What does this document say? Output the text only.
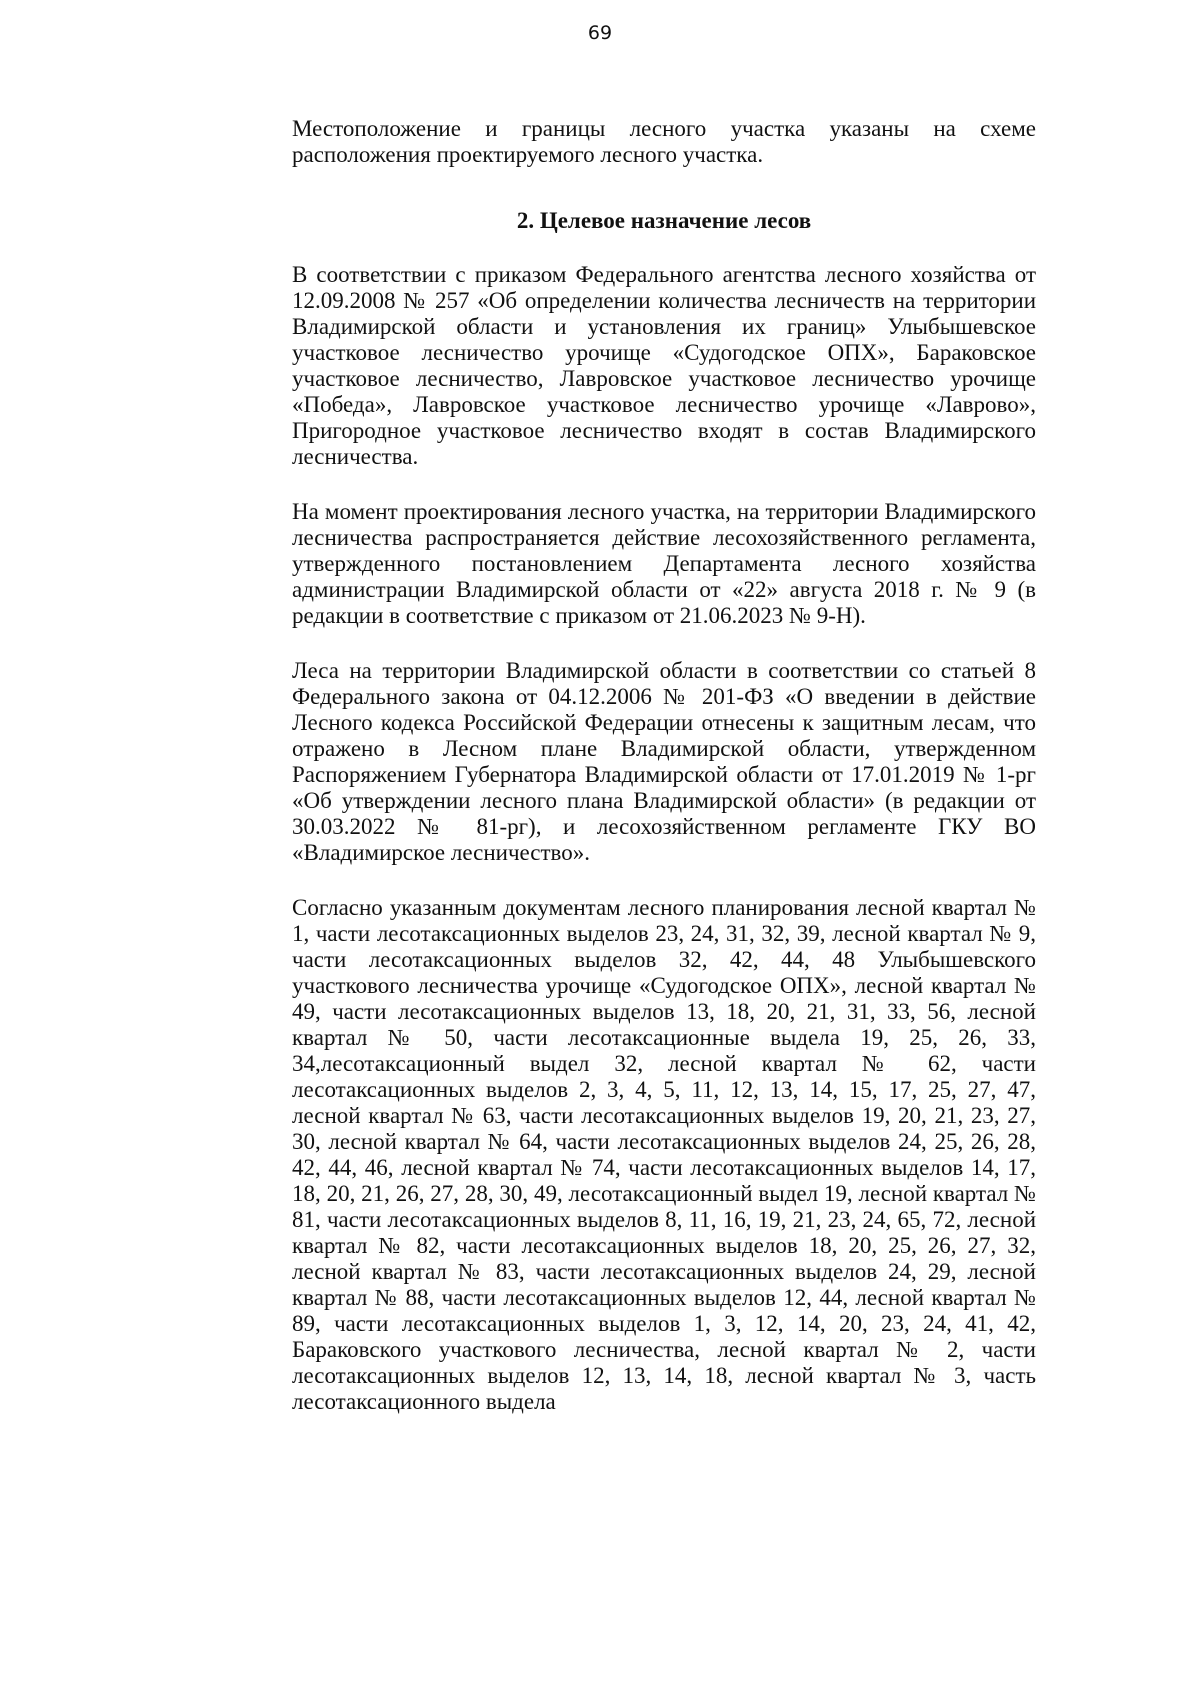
69

Местоположение и границы лесного участка указаны на схеме расположения проектируемого лесного участка.

2. Целевое назначение лесов

В соответствии с приказом Федерального агентства лесного хозяйства от 12.09.2008 № 257 «Об определении количества лесничеств на территории Владимирской области и установления их границ» Улыбышевское участковое лесничество урочище «Судогодское ОПХ», Бараковское участковое лесничество, Лавровское участковое лесничество урочище «Победа», Лавровское участковое лесничество урочище «Лаврово», Пригородное участковое лесничество входят в состав Владимирского лесничества.

На момент проектирования лесного участка, на территории Владимирского лесничества распространяется действие лесохозяйственного регламента, утвержденного постановлением Департамента лесного хозяйства администрации Владимирской области от «22» августа 2018 г. № 9 (в редакции в соответствие с приказом от 21.06.2023 № 9-Н).

Леса на территории Владимирской области в соответствии со статьей 8 Федерального закона от 04.12.2006 № 201-ФЗ «О введении в действие Лесного кодекса Российской Федерации отнесены к защитным лесам, что отражено в Лесном плане Владимирской области, утвержденном Распоряжением Губернатора Владимирской области от 17.01.2019 № 1-рг «Об утверждении лесного плана Владимирской области» (в редакции от 30.03.2022 № 81-рг), и лесохозяйственном регламенте ГКУ ВО «Владимирское лесничество».

Согласно указанным документам лесного планирования лесной квартал № 1, части лесотаксационных выделов 23, 24, 31, 32, 39, лесной квартал № 9, части лесотаксационных выделов 32, 42, 44, 48 Улыбышевского участкового лесничества урочище «Судогодское ОПХ», лесной квартал № 49, части лесотаксационных выделов 13, 18, 20, 21, 31, 33, 56, лесной квартал № 50, части лесотаксационные выдела 19, 25, 26, 33, 34,лесотаксационный выдел 32, лесной квартал № 62, части лесотаксационных выделов 2, 3, 4, 5, 11, 12, 13, 14, 15, 17, 25, 27, 47, лесной квартал № 63, части лесотаксационных выделов 19, 20, 21, 23, 27, 30, лесной квартал № 64, части лесотаксационных выделов 24, 25, 26, 28, 42, 44, 46, лесной квартал № 74, части лесотаксационных выделов 14, 17, 18, 20, 21, 26, 27, 28, 30, 49, лесотаксационный выдел 19, лесной квартал № 81, части лесотаксационных выделов 8, 11, 16, 19, 21, 23, 24, 65, 72, лесной квартал № 82, части лесотаксационных выделов 18, 20, 25, 26, 27, 32, лесной квартал № 83, части лесотаксационных выделов 24, 29, лесной квартал № 88, части лесотаксационных выделов 12, 44, лесной квартал № 89, части лесотаксационных выделов 1, 3, 12, 14, 20, 23, 24, 41, 42, Бараковского участкового лесничества, лесной квартал № 2, части лесотаксационных выделов 12, 13, 14, 18, лесной квартал № 3, часть лесотаксационного выдела
